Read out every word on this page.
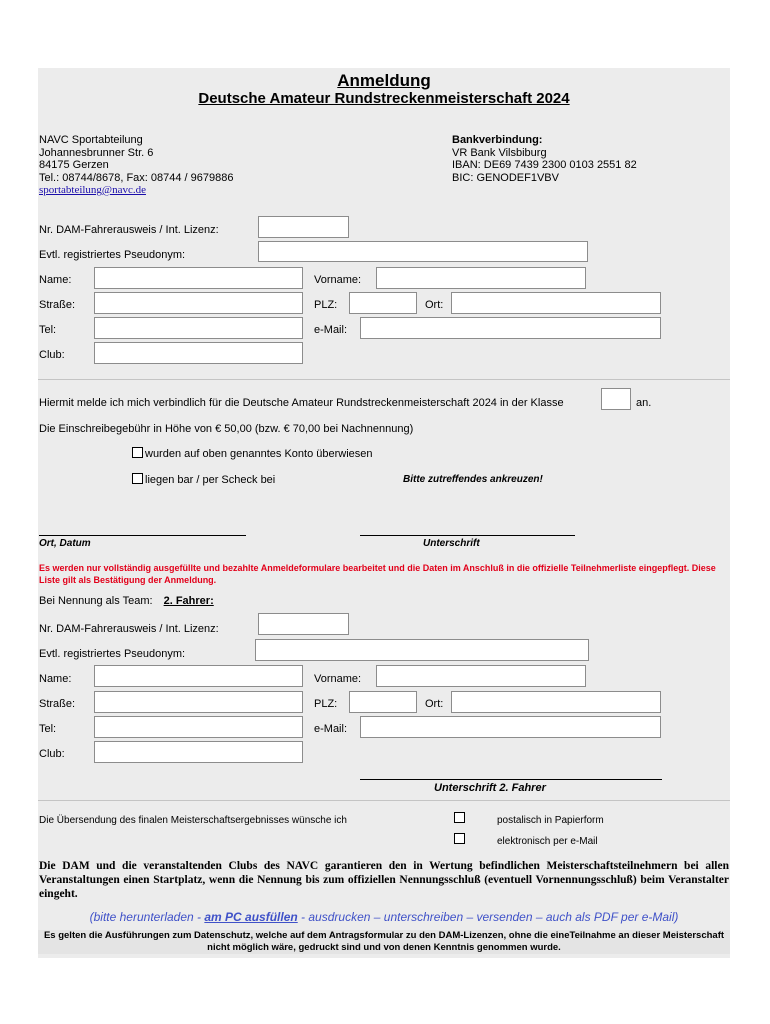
Anmeldung
Deutsche Amateur Rundstreckenmeisterschaft 2024
NAVC Sportabteilung
Johannesbrunner Str. 6
84175 Gerzen
Tel.: 08744/8678, Fax: 08744 / 9679886
sportabteilung@navc.de
Bankverbindung:
VR Bank Vilsbiburg
IBAN: DE69 7439 2300 0103 2551 82
BIC: GENODEF1VBV
Nr. DAM-Fahrerausweis / Int. Lizenz:
Evtl. registriertes Pseudonym:
Name:	Vorname:
Straße:	PLZ:	Ort:
Tel:	e-Mail:
Club:
Hiermit melde ich mich verbindlich für die Deutsche Amateur Rundstreckenmeisterschaft 2024 in der Klasse	an.
Die Einschreibegebühr in Höhe von € 50,00 (bzw. € 70,00 bei Nachnennung)
wurden auf oben genanntes Konto überwiesen
liegen bar / per Scheck bei	Bitte zutreffendes ankreuzen!
Ort, Datum	Unterschrift
Es werden nur vollständig ausgefüllte und bezahlte Anmeldeformulare bearbeitet und die Daten im Anschluß in die offizielle Teilnehmerliste eingepflegt. Diese Liste gilt als Bestätigung der Anmeldung.
Bei Nennung als Team: 2. Fahrer:
Nr. DAM-Fahrerausweis / Int. Lizenz:
Evtl. registriertes Pseudonym:
Name:	Vorname:
Straße:	PLZ:	Ort:
Tel:	e-Mail:
Club:
Unterschrift 2. Fahrer
Die Übersendung des finalen Meisterschaftsergebnisses wünsche ich	postalisch in Papierform
elektronisch per e-Mail
Die DAM und die veranstaltenden Clubs des NAVC garantieren den in Wertung befindlichen Meisterschaftsteilnehmern bei allen Veranstaltungen einen Startplatz, wenn die Nennung bis zum offiziellen Nennungsschluß (eventuell Vornennungsschluß) beim Veranstalter eingeht.
(bitte herunterladen - am PC ausfüllen - ausdrucken – unterschreiben – versenden – auch als PDF per e-Mail)
Es gelten die Ausführungen zum Datenschutz, welche auf dem Antragsformular zu den DAM-Lizenzen, ohne die eineTeilnahme an dieser Meisterschaft nicht möglich wäre, gedruckt sind und von denen Kenntnis genommen wurde.
